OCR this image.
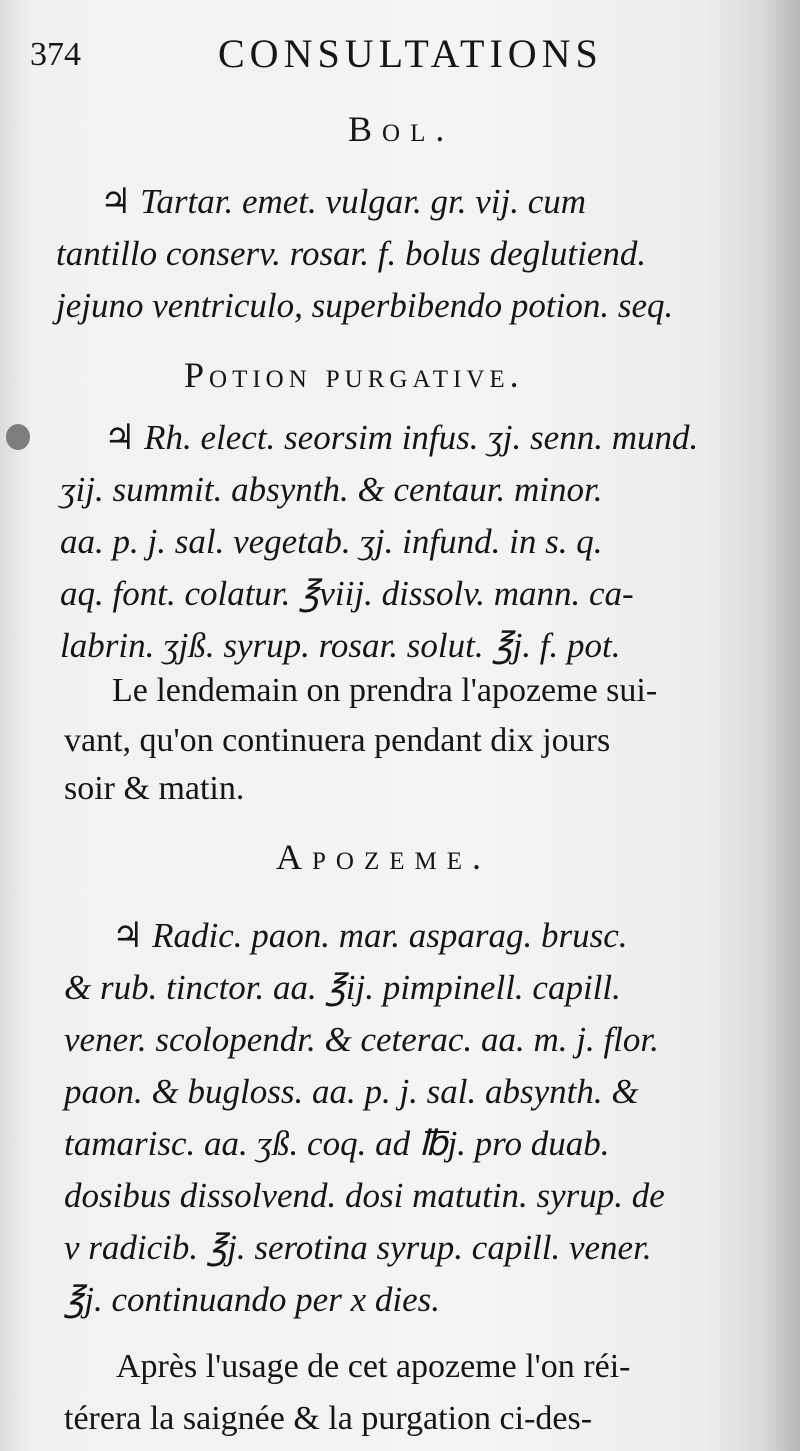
374	CONSULTATIONS
Bol.
♃ Tartar. emet. vulgar. gr. vij. cum
tantillo conserv. rosar. f. bolus deglutiend.
jejuno ventriculo, superbibendo potion. seq.
Potion purgative.
♃ Rh. elect. seorsim infus. ʒj. senn. mund.
ʒij. summit. absynth. & centaur. minor.
aa. p. j. sal. vegetab. ʒj. infund. in s. q.
aq. font. colatur. ℥viij. dissolv. mann. ca-
labrin. ʒjß. syrup. rosar. solut. ℥j. f. pot.
Le lendemain on prendra l'apozeme sui-
vant, qu'on continuera pendant dix jours
soir & matin.
Apozeme.
♃ Radic. paon. mar. asparag. brusc.
& rub. tinctor. aa. ℥ij. pimpinell. capill.
vener. scolopendr. & ceterac. aa. m. j. flor.
paon. & bugloss. aa. p. j. sal. absynth. &
tamarisc. aa. ʒß. coq. ad ℔j. pro duab.
dosibus dissolvend. dosi matutin. syrup. de
v radicib. ℥j. serotina syrup. capill. vener.
℥j. continuando per x dies.
Après l'usage de cet apozeme l'on réi-
térera la saignée & la purgation ci-des-
